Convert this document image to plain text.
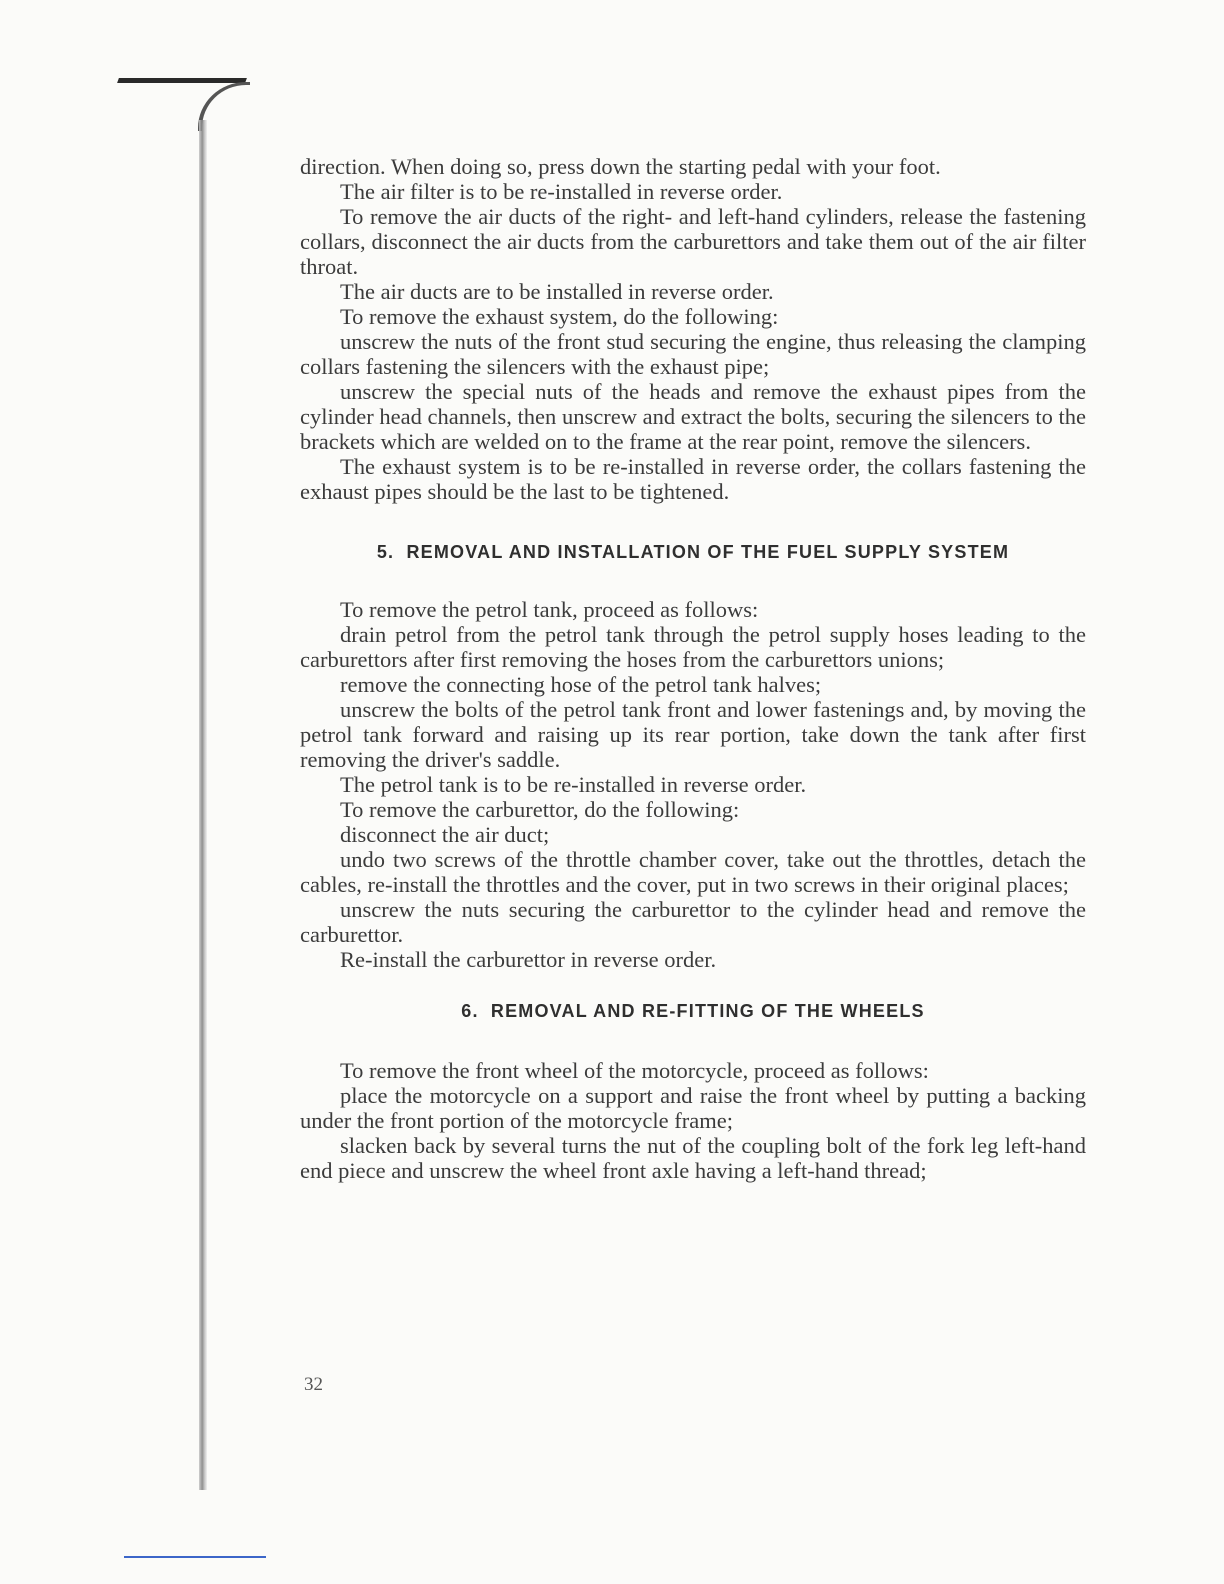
direction. When doing so, press down the starting pedal with your foot.

The air filter is to be re-installed in reverse order.

To remove the air ducts of the right- and left-hand cylinders, release the fastening collars, disconnect the air ducts from the carburettors and take them out of the air filter throat.

The air ducts are to be installed in reverse order.

To remove the exhaust system, do the following:

unscrew the nuts of the front stud securing the engine, thus releasing the clamping collars fastening the silencers with the exhaust pipe;

unscrew the special nuts of the heads and remove the exhaust pipes from the cylinder head channels, then unscrew and extract the bolts, securing the silencers to the brackets which are welded on to the frame at the rear point, remove the silencers.

The exhaust system is to be re-installed in reverse order, the collars fastening the exhaust pipes should be the last to be tightened.

5. REMOVAL AND INSTALLATION OF THE FUEL SUPPLY SYSTEM

To remove the petrol tank, proceed as follows:

drain petrol from the petrol tank through the petrol supply hoses leading to the carburettors after first removing the hoses from the carburettors unions;

remove the connecting hose of the petrol tank halves;

unscrew the bolts of the petrol tank front and lower fastenings and, by moving the petrol tank forward and raising up its rear portion, take down the tank after first removing the driver's saddle.

The petrol tank is to be re-installed in reverse order.

To remove the carburettor, do the following:

disconnect the air duct;

undo two screws of the throttle chamber cover, take out the throttles, detach the cables, re-install the throttles and the cover, put in two screws in their original places;

unscrew the nuts securing the carburettor to the cylinder head and remove the carburettor.

Re-install the carburettor in reverse order.

6. REMOVAL AND RE-FITTING OF THE WHEELS

To remove the front wheel of the motorcycle, proceed as follows:

place the motorcycle on a support and raise the front wheel by putting a backing under the front portion of the motorcycle frame;

slacken back by several turns the nut of the coupling bolt of the fork leg left-hand end piece and unscrew the wheel front axle having a left-hand thread;

32
